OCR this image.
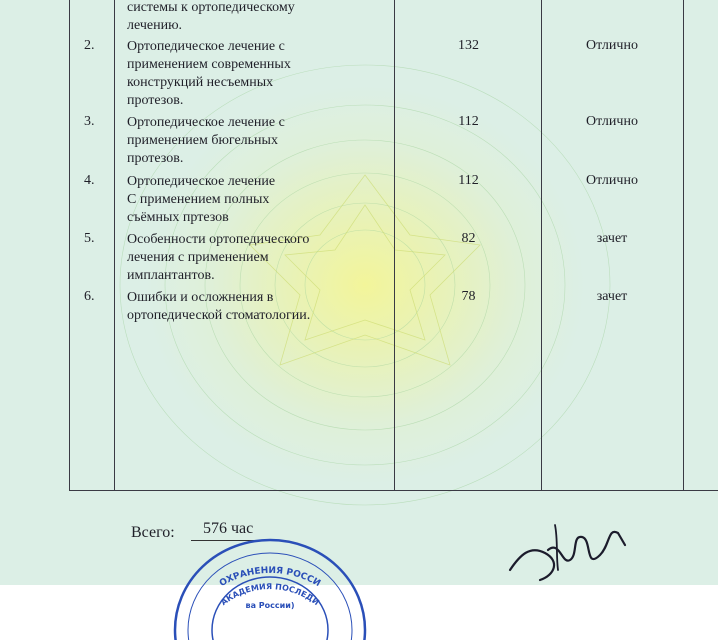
системы к ортопедическому
лечению.
2.	Ортопедическое лечение с
применением современных
конструкций несъемных
протезов.
132	Отлично
3.	Ортопедическое лечение с
применением бюгельных
протезов.
112	Отлично
4.	Ортопедическое лечение
С применением полных
съёмных пртезов
112	Отлично
5.	Особенности ортопедического
лечения с применением
имплантантов.
82	зачет
6.	Ошибки и осложнения в
ортопедической стоматологии.
78	зачет
Всего: 576 час
ОХРАНЕНИЯ РОССИ
АКАДЕМИЯ ПОСЛЕДИ
ва России)
